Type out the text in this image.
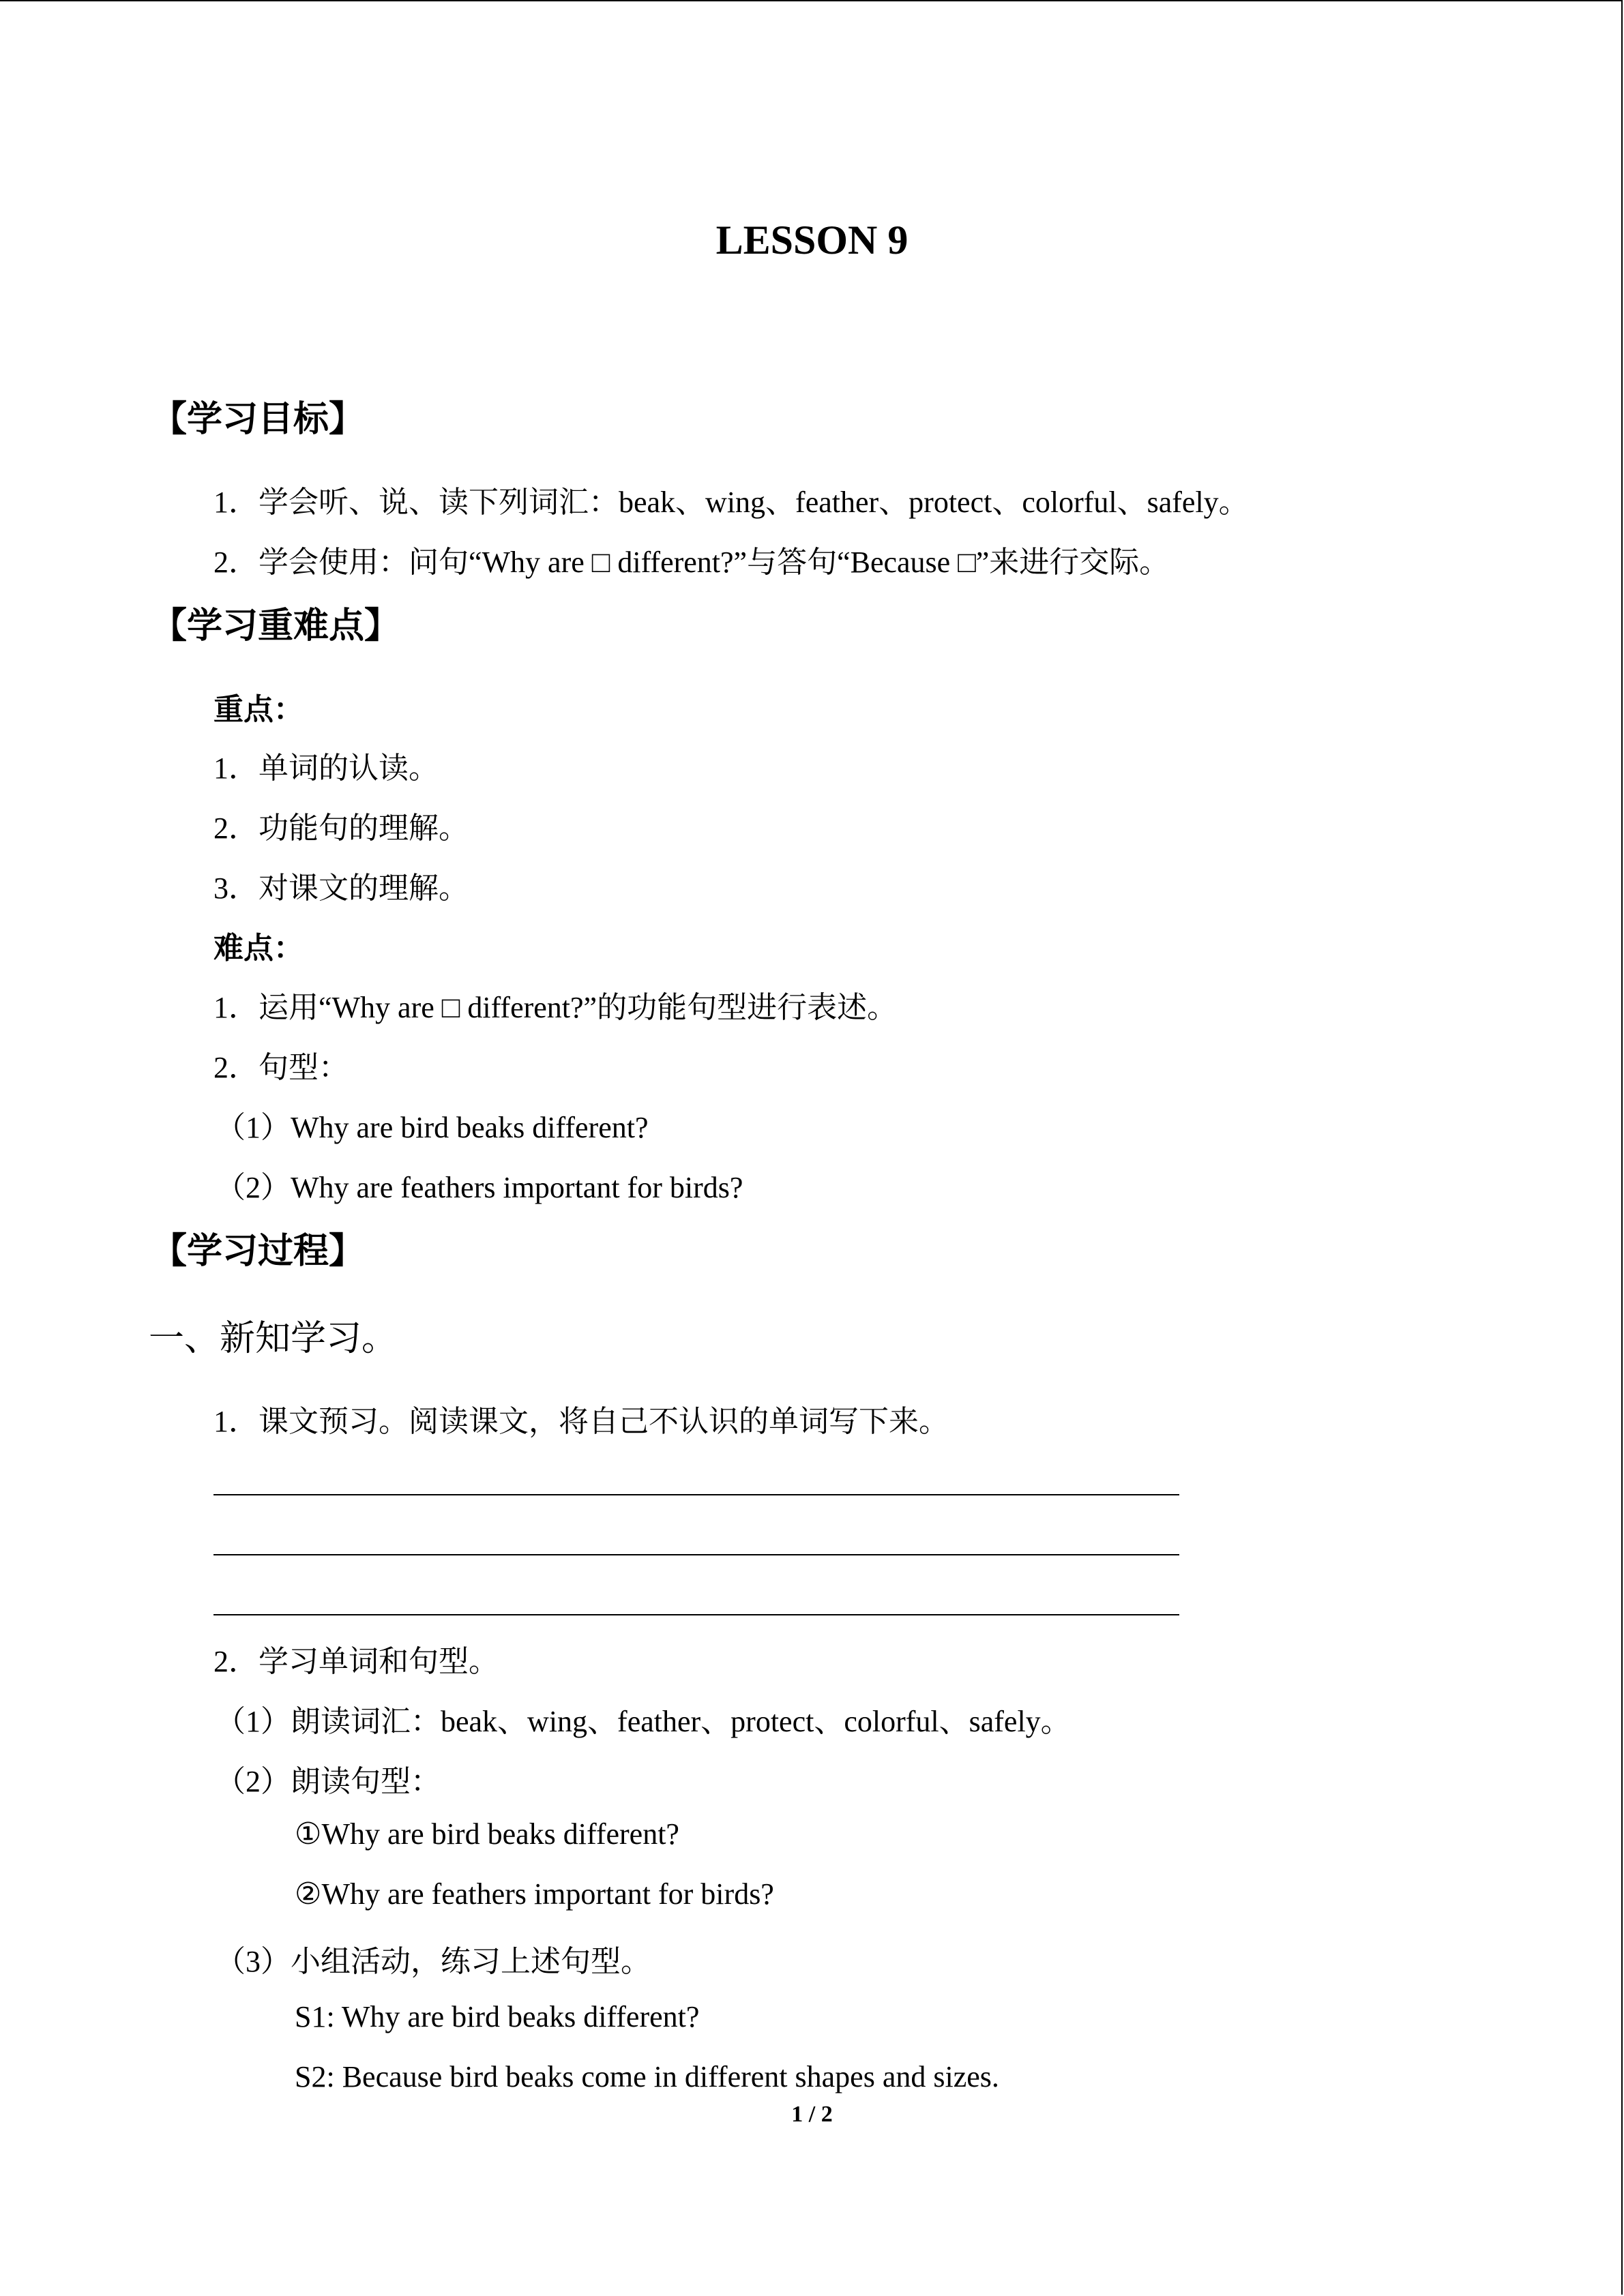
LESSON 9
【学习目标】
1．学会听、说、读下列词汇：beak、wing、feather、protect、colorful、safely。
2．学会使用：问句“Why are □ different?”与答句“Because □”来进行交际。
【学习重难点】
重点：
1．单词的认读。
2．功能句的理解。
3．对课文的理解。
难点：
1．运用“Why are □ different?”的功能句型进行表述。
2．句型：
（1）Why are bird beaks different?
（2）Why are feathers important for birds?
【学习过程】
一、新知学习。
1．课文预习。阅读课文，将自己不认识的单词写下来。
2．学习单词和句型。
（1）朗读词汇：beak、wing、feather、protect、colorful、safely。
（2）朗读句型：
①Why are bird beaks different?
②Why are feathers important for birds?
（3）小组活动，练习上述句型。
S1: Why are bird beaks different?
S2: Because bird beaks come in different shapes and sizes.
1 / 2
